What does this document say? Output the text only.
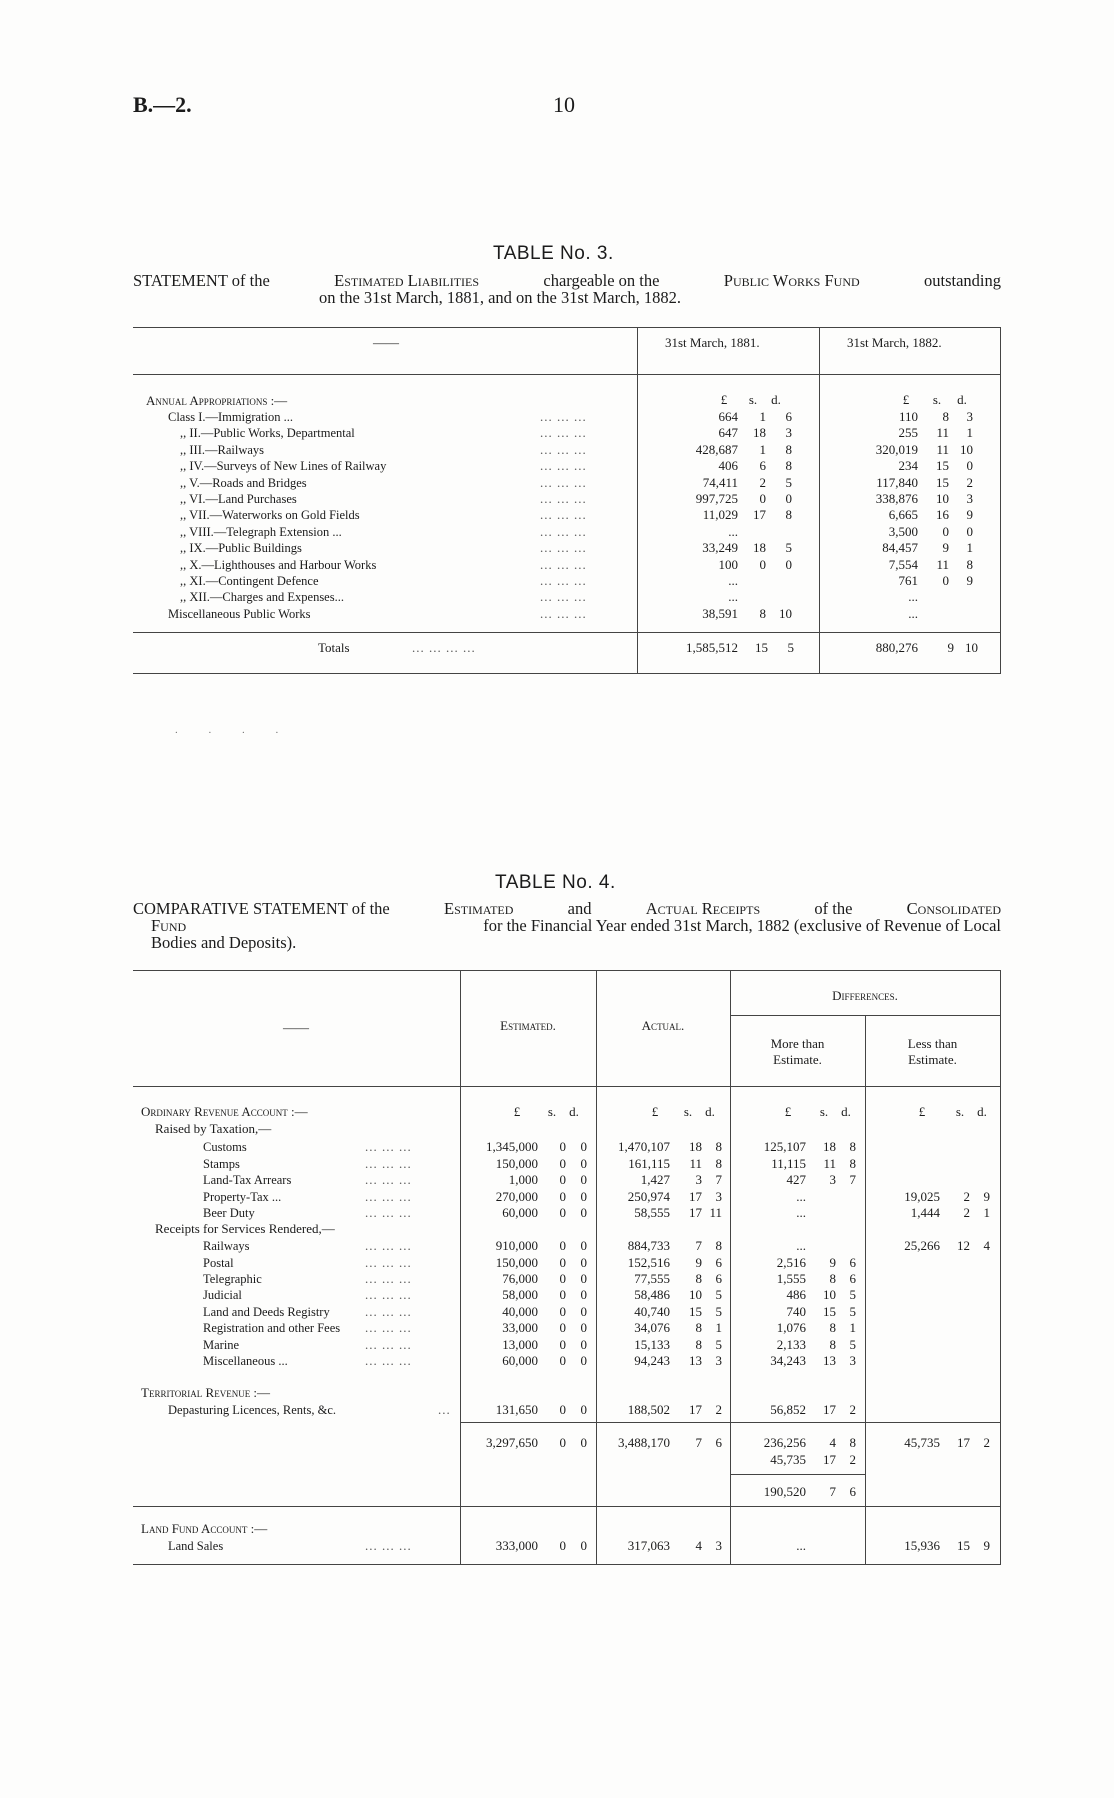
B.—2.	10
TABLE No. 3.
STATEMENT of the	Estimated Liabilities	chargeable on the	Public Works Fund	outstanding
on the 31st March, 1881, and on the 31st March, 1882.
——	31st March, 1881.	31st March, 1882.
Annual Appropriations :—	£	s.	d.	£	s.	d.
Class I.—Immigration ...	... ... ...	664	1	6	110	8	3
,, II.—Public Works, Departmental	... ... ...	647	18	3	255	11	1
,, III.—Railways	... ... ...	428,687	1	8	320,019	11 10
,, IV.—Surveys of New Lines of Railway	... ... ...	406	6	8	234	15	0
,, V.—Roads and Bridges	... ... ...	74,411	2	5	117,840	15	2
,, VI.—Land Purchases	... ... ...	997,725	0	0	338,876	10	3
,, VII.—Waterworks on Gold Fields	... ... ...	11,029	17	8	6,665	16	9
,, VIII.—Telegraph Extension ...	... ... ...	...	3,500	0	0
,, IX.—Public Buildings	... ... ...	33,249	18	5	84,457	9	1
,, X.—Lighthouses and Harbour Works	... ... ...	100	0	0	7,554	11	8
,, XI.—Contingent Defence	... ... ...	...	761	0	9
,, XII.—Charges and Expenses...	... ... ...	...	...
Miscellaneous Public Works	... ... ...	38,591	8	10	...
Totals	... ... ... ...	1,585,512	15	5	880,276	9 10
. . . .
TABLE No. 4.
COMPARATIVE STATEMENT of the	Estimated	and	Actual Receipts	of the	Consolidated
Fund	for the Financial Year ended 31st March, 1882 (exclusive of Revenue of Local
Bodies and Deposits).
——	Estimated.	Actual.
Differences.
More than
Estimate.
Less than
Estimate.
Ordinary Revenue Account :—
Raised by Taxation,—
Receipts for Services Rendered,—
Territorial Revenue :—
Land Fund Account :—
£	s. d.	£	s. d.	£	s. d.	£	s. d.
Customs	... ... ...	1,345,000	0	0	1,470,107	18	8	125,107	18	8
Stamps	... ... ...	150,000	0	0	161,115	11	8	11,115	11	8
Land-Tax Arrears	... ... ...	1,000	0	0	1,427	3	7	427	3	7
Property-Tax ...	... ... ...	270,000	0	0	250,974	17	3	...	19,025	2	9
Beer Duty	... ... ...	60,000	0	0	58,555	17 11	...	1,444	2	1
Railways	... ... ...	910,000	0	0	884,733	7	8	...	25,266	12	4
Postal	... ... ...	150,000	0	0	152,516	9	6	2,516	9	6
Telegraphic	... ... ...	76,000	0	0	77,555	8	6	1,555	8	6
Judicial	... ... ...	58,000	0	0	58,486	10	5	486	10	5
Land and Deeds Registry	... ... ...	40,000	0	0	40,740	15	5	740	15	5
Registration and other Fees ... ... ...	33,000	0	0	34,076	8	1	1,076	8	1
Marine	... ... ...	13,000	0	0	15,133	8	5	2,133	8	5
Miscellaneous ...	... ... ...	60,000	0	0	94,243	13	3	34,243	13	3
Depasturing Licences, Rents, &c.	...	131,650	0	0	188,502	17	2	56,852	17	2
3,297,650	0	0	3,488,170	7	6	236,256	4	8	45,735	17	2
45,735	17	2
190,520	7	6
Land Sales	... ... ...	333,000	0	0	317,063	4	3	...	15,936	15	9
